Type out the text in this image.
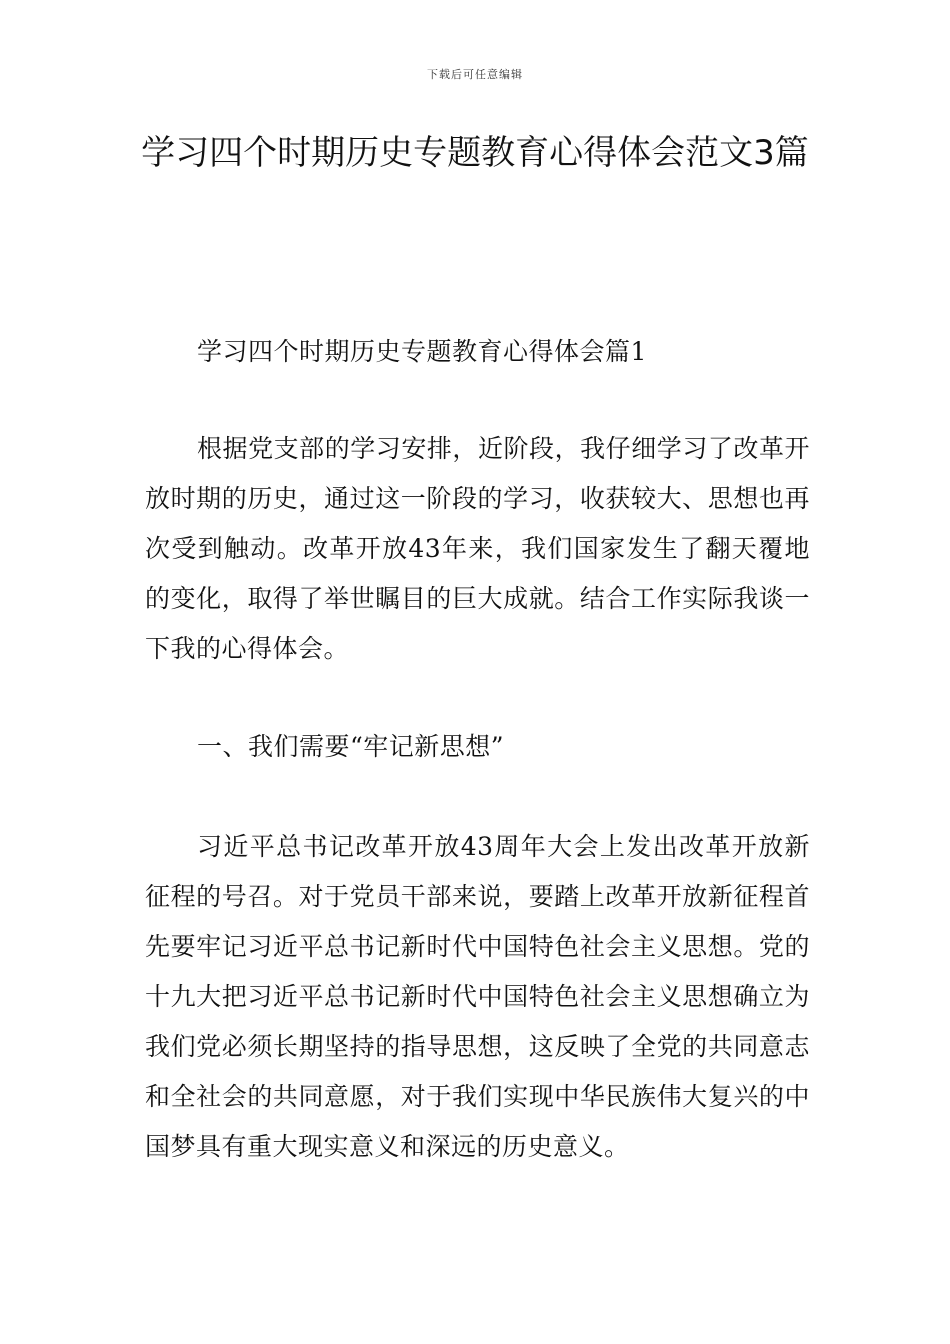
下载后可任意编辑
学习四个时期历史专题教育心得体会范文3篇

学习四个时期历史专题教育心得体会篇1

根据党支部的学习安排，近阶段，我仔细学习了改革开放时期的历史，通过这一阶段的学习，收获较大、思想也再次受到触动。改革开放43年来，我们国家发生了翻天覆地的变化，取得了举世瞩目的巨大成就。结合工作实际我谈一下我的心得体会。

一、我们需要“牢记新思想”

习近平总书记改革开放43周年大会上发出改革开放新征程的号召。对于党员干部来说，要踏上改革开放新征程首先要牢记习近平总书记新时代中国特色社会主义思想。党的十九大把习近平总书记新时代中国特色社会主义思想确立为我们党必须长期坚持的指导思想，这反映了全党的共同意志和全社会的共同意愿，对于我们实现中华民族伟大复兴的中国梦具有重大现实意义和深远的历史意义。
